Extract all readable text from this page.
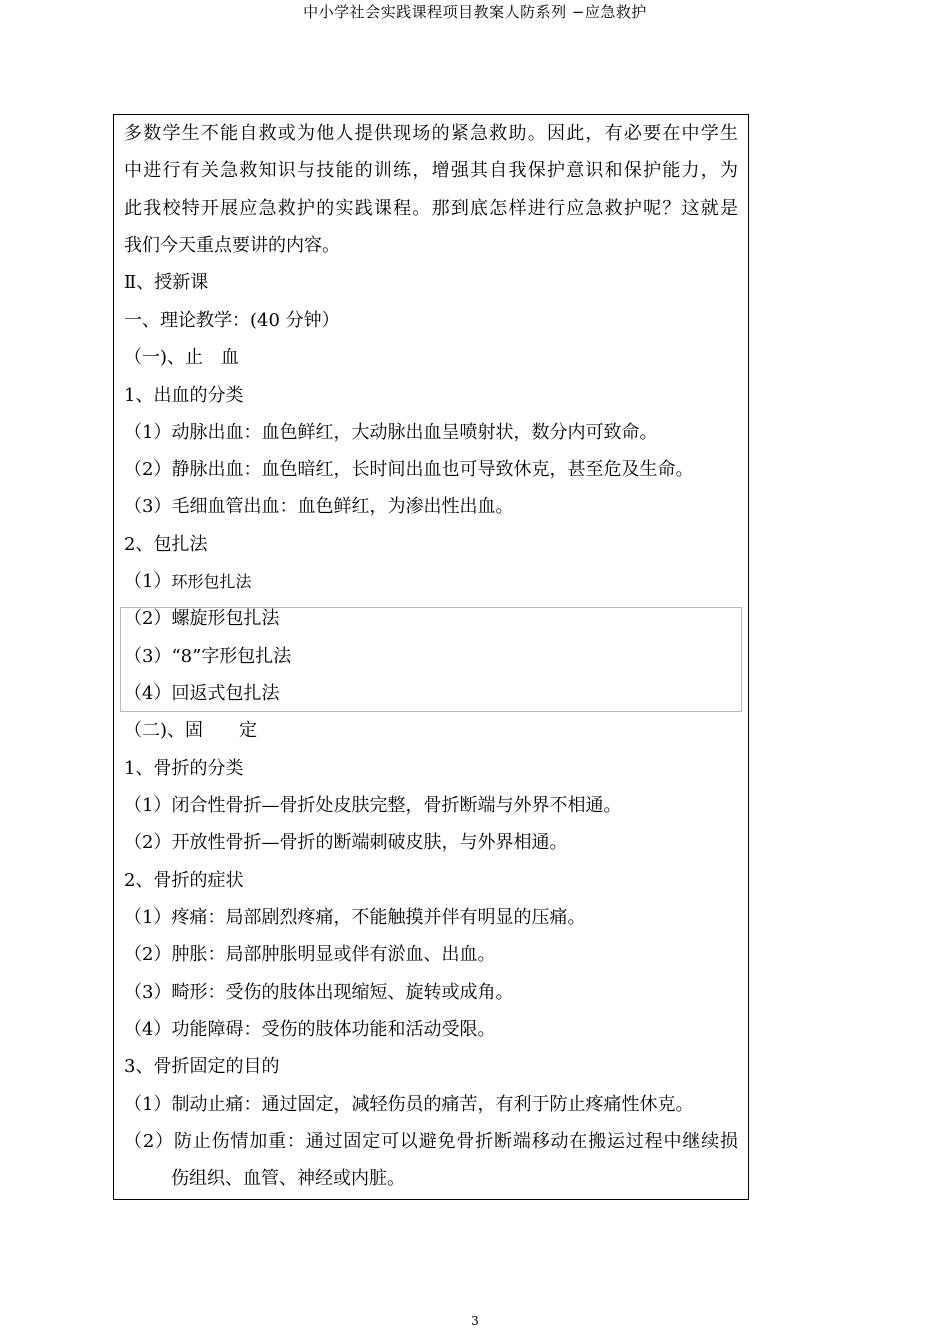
中小学社会实践课程项目教案人防系列 −应急救护
多数学生不能自救或为他人提供现场的紧急救助。因此，有必要在中学生
中进行有关急救知识与技能的训练，增强其自我保护意识和保护能力，为
此我校特开展应急救护的实践课程。那到底怎样进行应急救护呢？这就是
我们今天重点要讲的内容。
Ⅱ、授新课
一、理论教学：(40 分钟）
（一)、止　血
1、出血的分类
（1）动脉出血：血色鲜红，大动脉出血呈喷射状，数分内可致命。
（2）静脉出血：血色暗红，长时间出血也可导致休克，甚至危及生命。
（3）毛细血管出血：血色鲜红，为渗出性出血。
2、包扎法
（1）环形包扎法
（2）螺旋形包扎法
（3）“8”字形包扎法
（4）回返式包扎法
（二)、固　　定
1、骨折的分类
（1）闭合性骨折—骨折处皮肤完整，骨折断端与外界不相通。
（2）开放性骨折—骨折的断端刺破皮肤，与外界相通。
2、骨折的症状
（1）疼痛：局部剧烈疼痛，不能触摸并伴有明显的压痛。
（2）肿胀：局部肿胀明显或伴有淤血、出血。
（3）畸形：受伤的肢体出现缩短、旋转或成角。
（4）功能障碍：受伤的肢体功能和活动受限。
3、骨折固定的目的
（1）制动止痛：通过固定，减轻伤员的痛苦，有利于防止疼痛性休克。
（2）防止伤情加重：通过固定可以避免骨折断端移动在搬运过程中继续损
伤组织、血管、神经或内脏。
3
